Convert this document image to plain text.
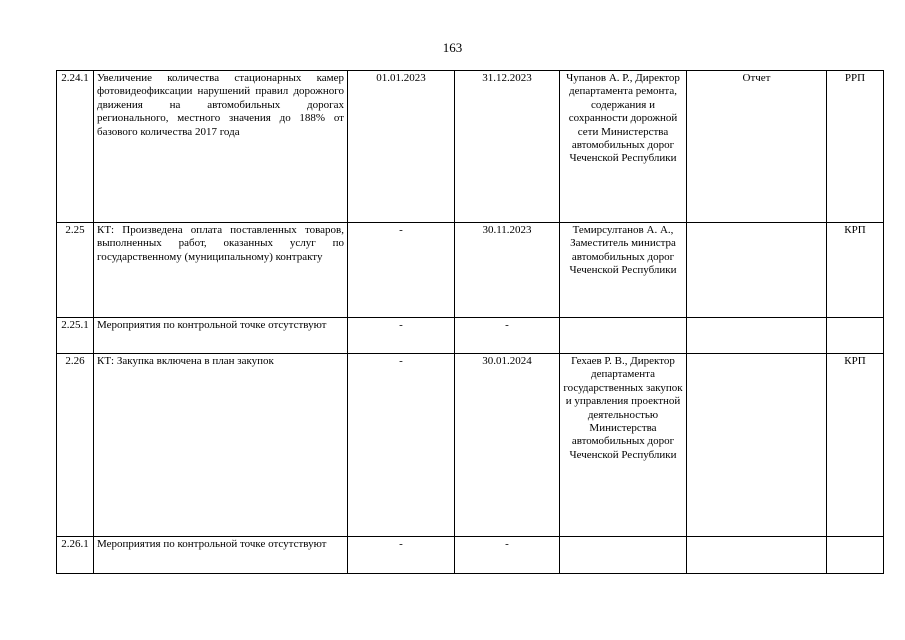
163
2.24.1	Увеличение количества стационарных камер фотовидеофиксации нарушений правил дорожного движения на автомобильных дорогах регионального, местного значения до 188% от базового количества 2017 года	01.01.2023	31.12.2023	Чупанов А. Р., Директор департамента ремонта, содержания и сохранности дорожной сети Министерства автомобильных дорог Чеченской Республики	Отчет	РРП
2.25	КТ: Произведена оплата поставленных товаров, выполненных работ, оказанных услуг по государственному (муниципальному) контракту	-	30.11.2023	Темирсултанов А. А., Заместитель министра автомобильных дорог Чеченской Республики		КРП
2.25.1	Мероприятия по контрольной точке отсутствуют	-	-			
2.26	КТ: Закупка включена в план закупок	-	30.01.2024	Гехаев Р. В., Директор департамента государственных закупок и управления проектной деятельностью Министерства автомобильных дорог Чеченской Республики		КРП
2.26.1	Мероприятия по контрольной точке отсутствуют	-	-			
